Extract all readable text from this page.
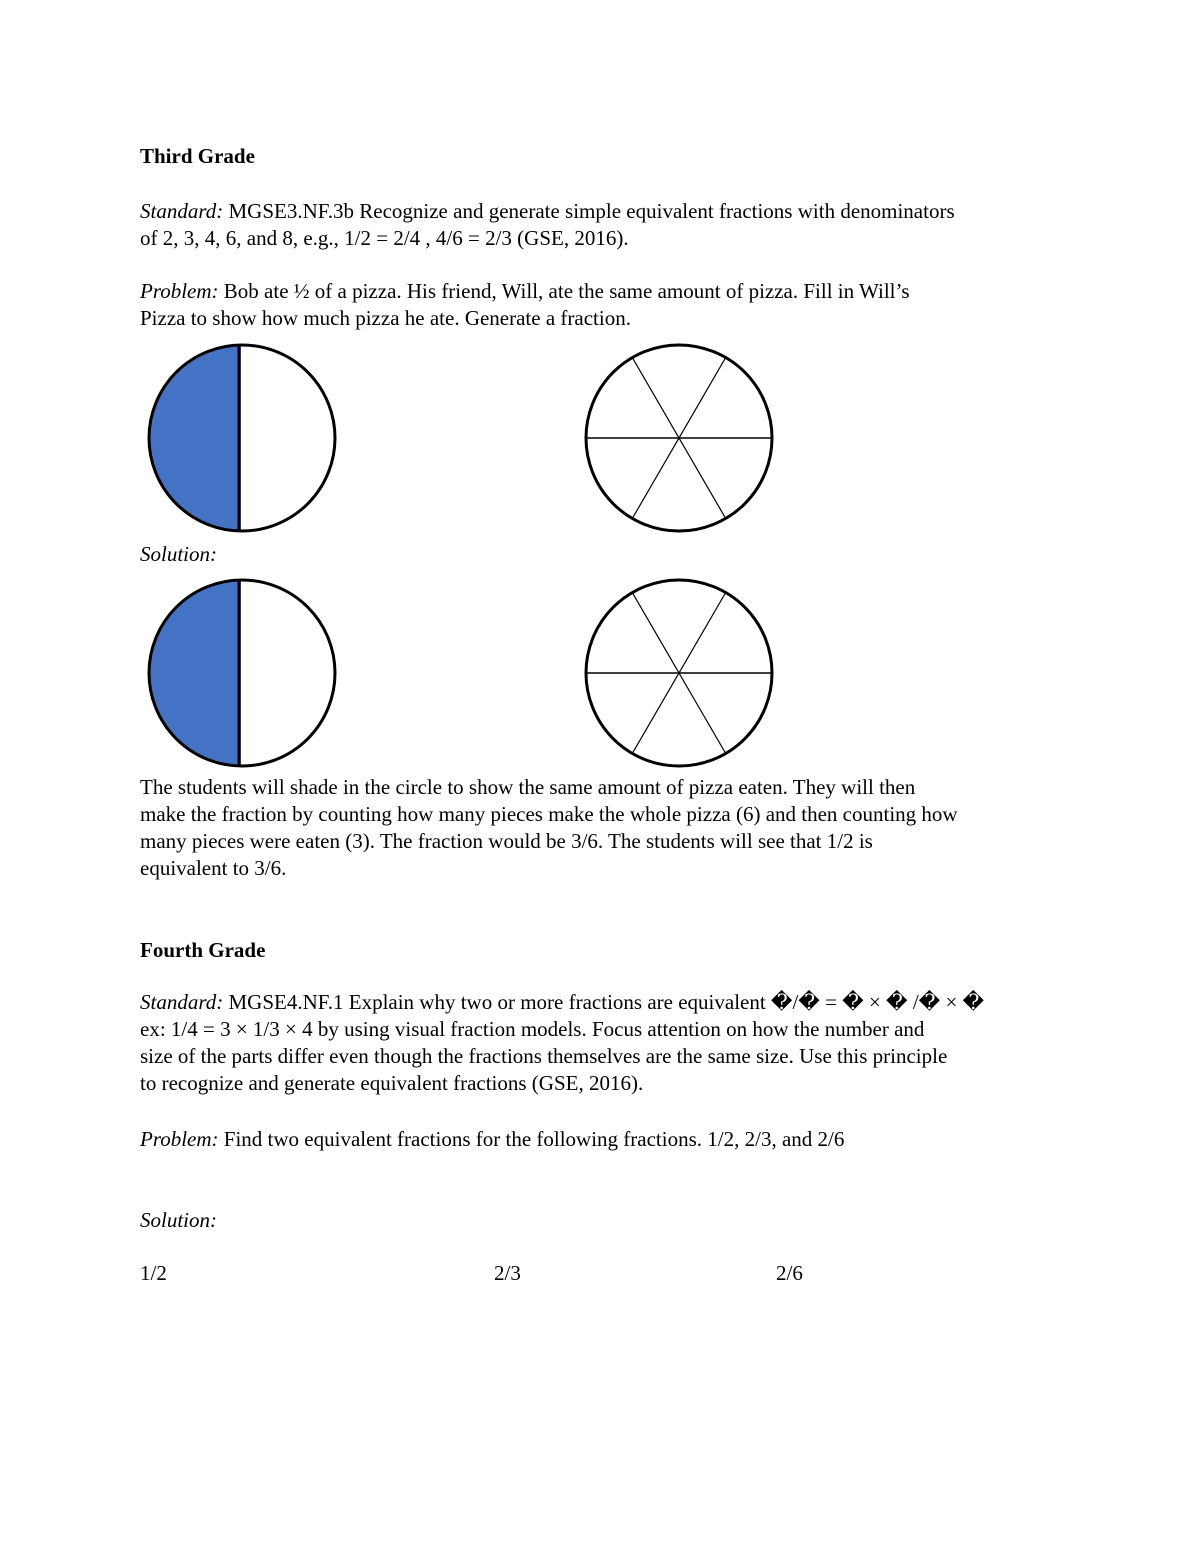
Third Grade
Standard: MGSE3.NF.3b Recognize and generate simple equivalent fractions with denominators
of 2, 3, 4, 6, and 8, e.g., 1/2 = 2/4 , 4/6 = 2/3 (GSE, 2016).
Problem: Bob ate ½ of a pizza. His friend, Will, ate the same amount of pizza. Fill in Will’s
Pizza to show how much pizza he ate. Generate a fraction.
Solution:

The students will shade in the circle to show the same amount of pizza eaten. They will then

make the fraction by counting how many pieces make the whole pizza (6) and then counting how

many pieces were eaten (3). The fraction would be 3/6. The students will see that 1/2 is

equivalent to 3/6.

Fourth Grade

Standard: MGSE4.NF.1 Explain why two or more fractions are equivalent �/� = � × � /� × �

ex: 1/4 = 3 × 1/3 × 4 by using visual fraction models. Focus attention on how the number and

size of the parts differ even though the fractions themselves are the same size. Use this principle

to recognize and generate equivalent fractions (GSE, 2016).

Problem: Find two equivalent fractions for the following fractions. 1/2, 2/3, and 2/6
Solution:
1/2	2/3	2/6
